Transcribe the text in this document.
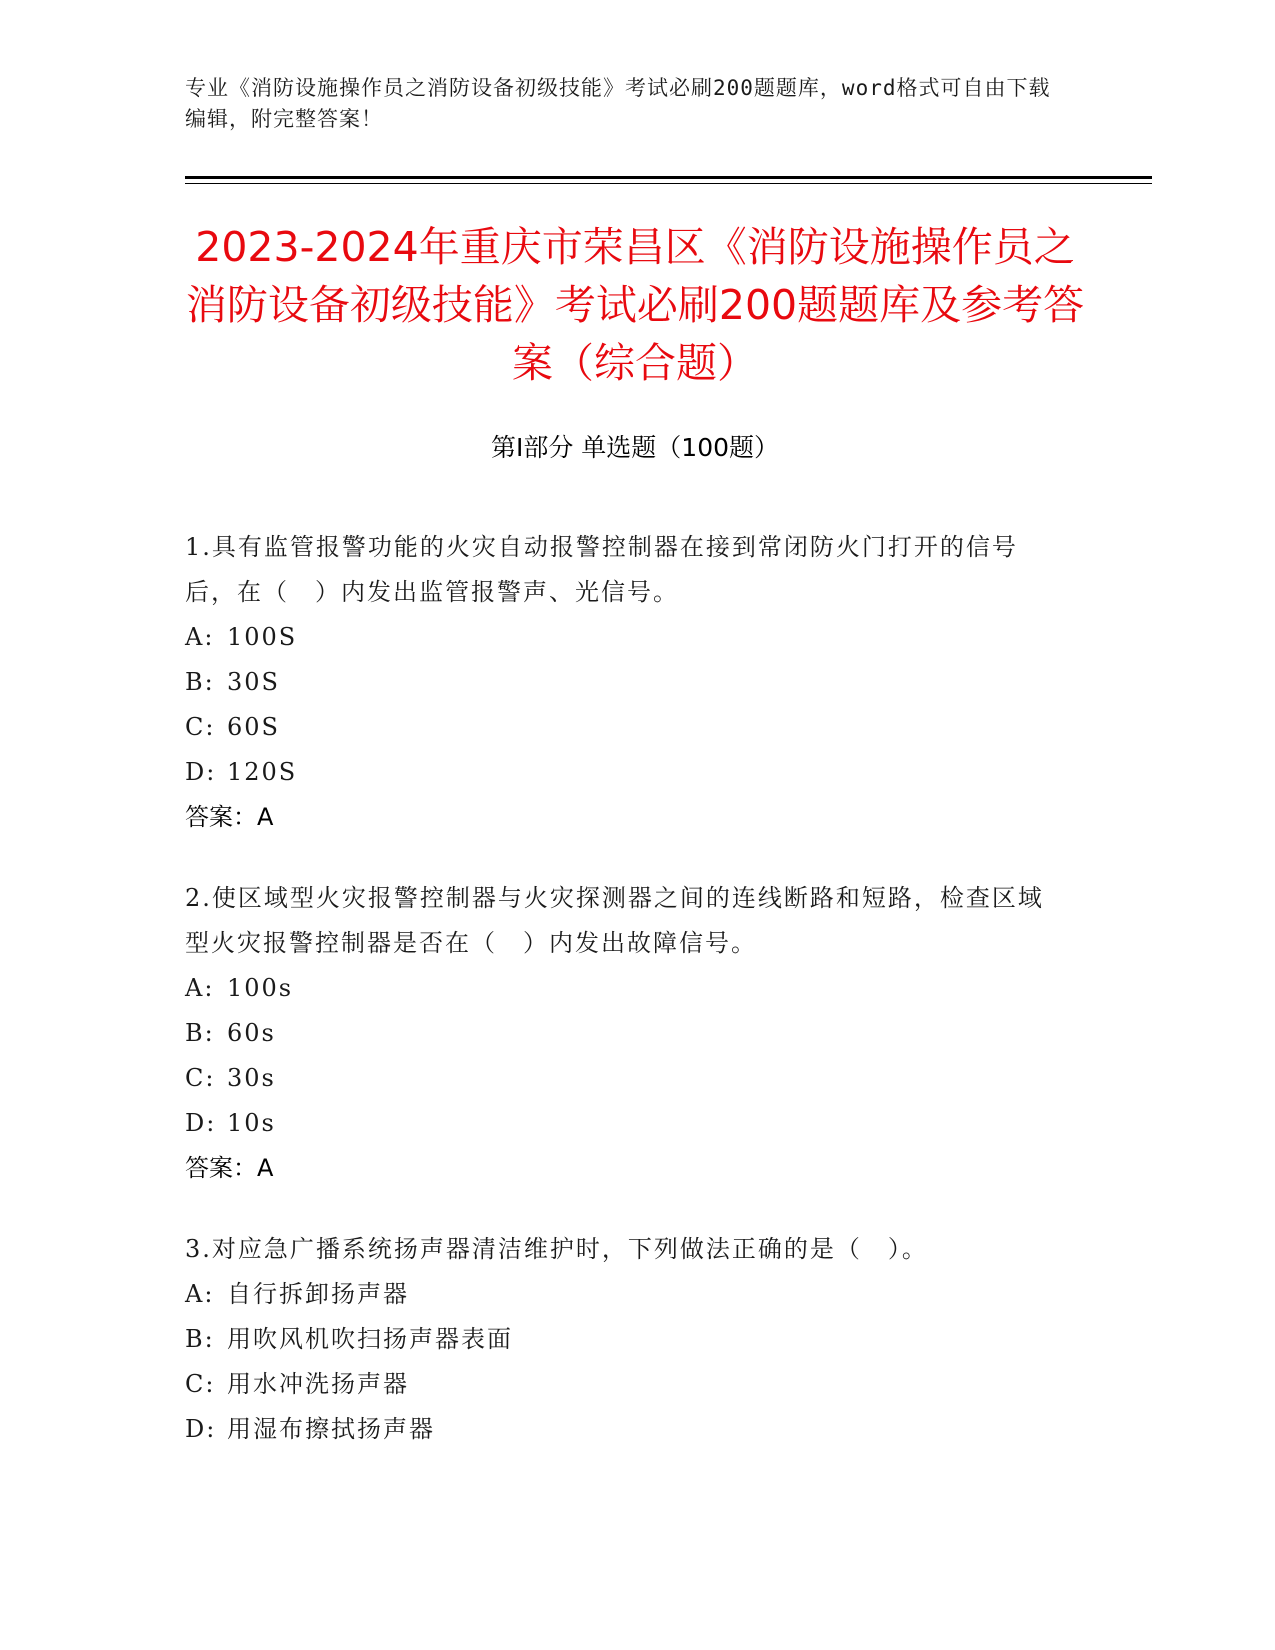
专业《消防设施操作员之消防设备初级技能》考试必刷200题题库，word格式可自由下载编辑，附完整答案！
2023-2024年重庆市荣昌区《消防设施操作员之消防设备初级技能》考试必刷200题题库及参考答案（综合题）
第Ⅰ部分 单选题（100题）
1.具有监管报警功能的火灾自动报警控制器在接到常闭防火门打开的信号后，在（　）内发出监管报警声、光信号。
A: 100S
B: 30S
C: 60S
D: 120S
答案：A
2.使区域型火灾报警控制器与火灾探测器之间的连线断路和短路，检查区域型火灾报警控制器是否在（　）内发出故障信号。
A: 100s
B: 60s
C: 30s
D: 10s
答案：A
3.对应急广播系统扬声器清洁维护时，下列做法正确的是（　）。
A: 自行拆卸扬声器
B: 用吹风机吹扫扬声器表面
C: 用水冲洗扬声器
D: 用湿布擦拭扬声器
